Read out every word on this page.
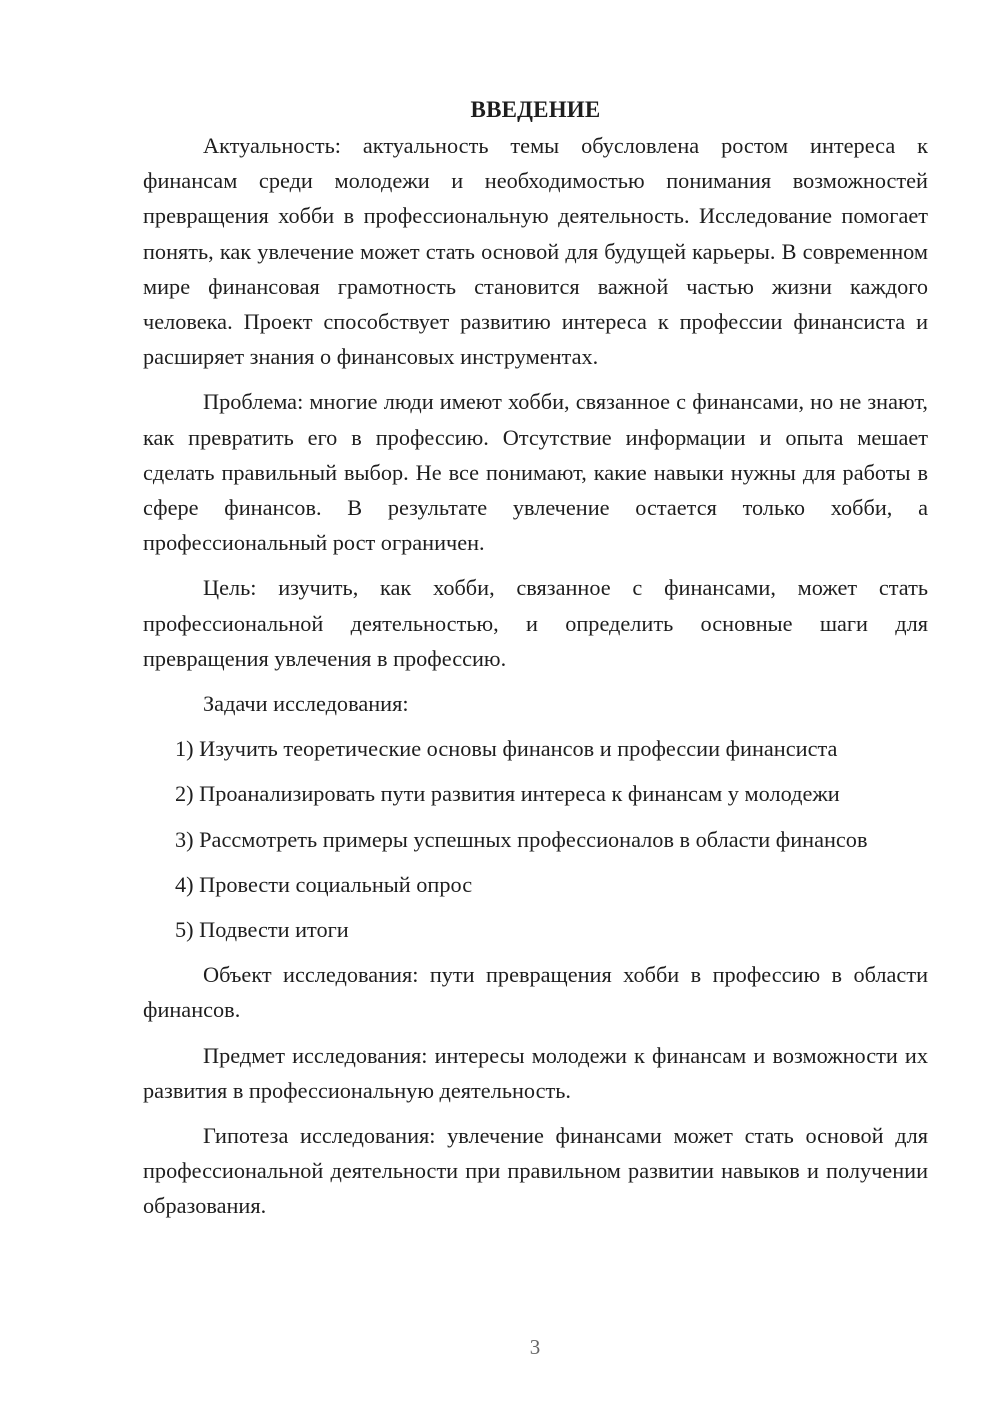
ВВЕДЕНИЕ

Актуальность: актуальность темы обусловлена ростом интереса к финансам среди молодежи и необходимостью понимания возможностей превращения хобби в профессиональную деятельность. Исследование помогает понять, как увлечение может стать основой для будущей карьеры. В современном мире финансовая грамотность становится важной частью жизни каждого человека. Проект способствует развитию интереса к профессии финансиста и расширяет знания о финансовых инструментах.

Проблема: многие люди имеют хобби, связанное с финансами, но не знают, как превратить его в профессию. Отсутствие информации и опыта мешает сделать правильный выбор. Не все понимают, какие навыки нужны для работы в сфере финансов. В результате увлечение остается только хобби, а профессиональный рост ограничен.

Цель: изучить, как хобби, связанное с финансами, может стать профессиональной деятельностью, и определить основные шаги для превращения увлечения в профессию.

Задачи исследования:

1) Изучить теоретические основы финансов и профессии финансиста

2) Проанализировать пути развития интереса к финансам у молодежи

3) Рассмотреть примеры успешных профессионалов в области финансов

4) Провести социальный опрос

5) Подвести итоги

Объект исследования: пути превращения хобби в профессию в области финансов.

Предмет исследования: интересы молодежи к финансам и возможности их развития в профессиональную деятельность.

Гипотеза исследования: увлечение финансами может стать основой для профессиональной деятельности при правильном развитии навыков и получении образования.

3
